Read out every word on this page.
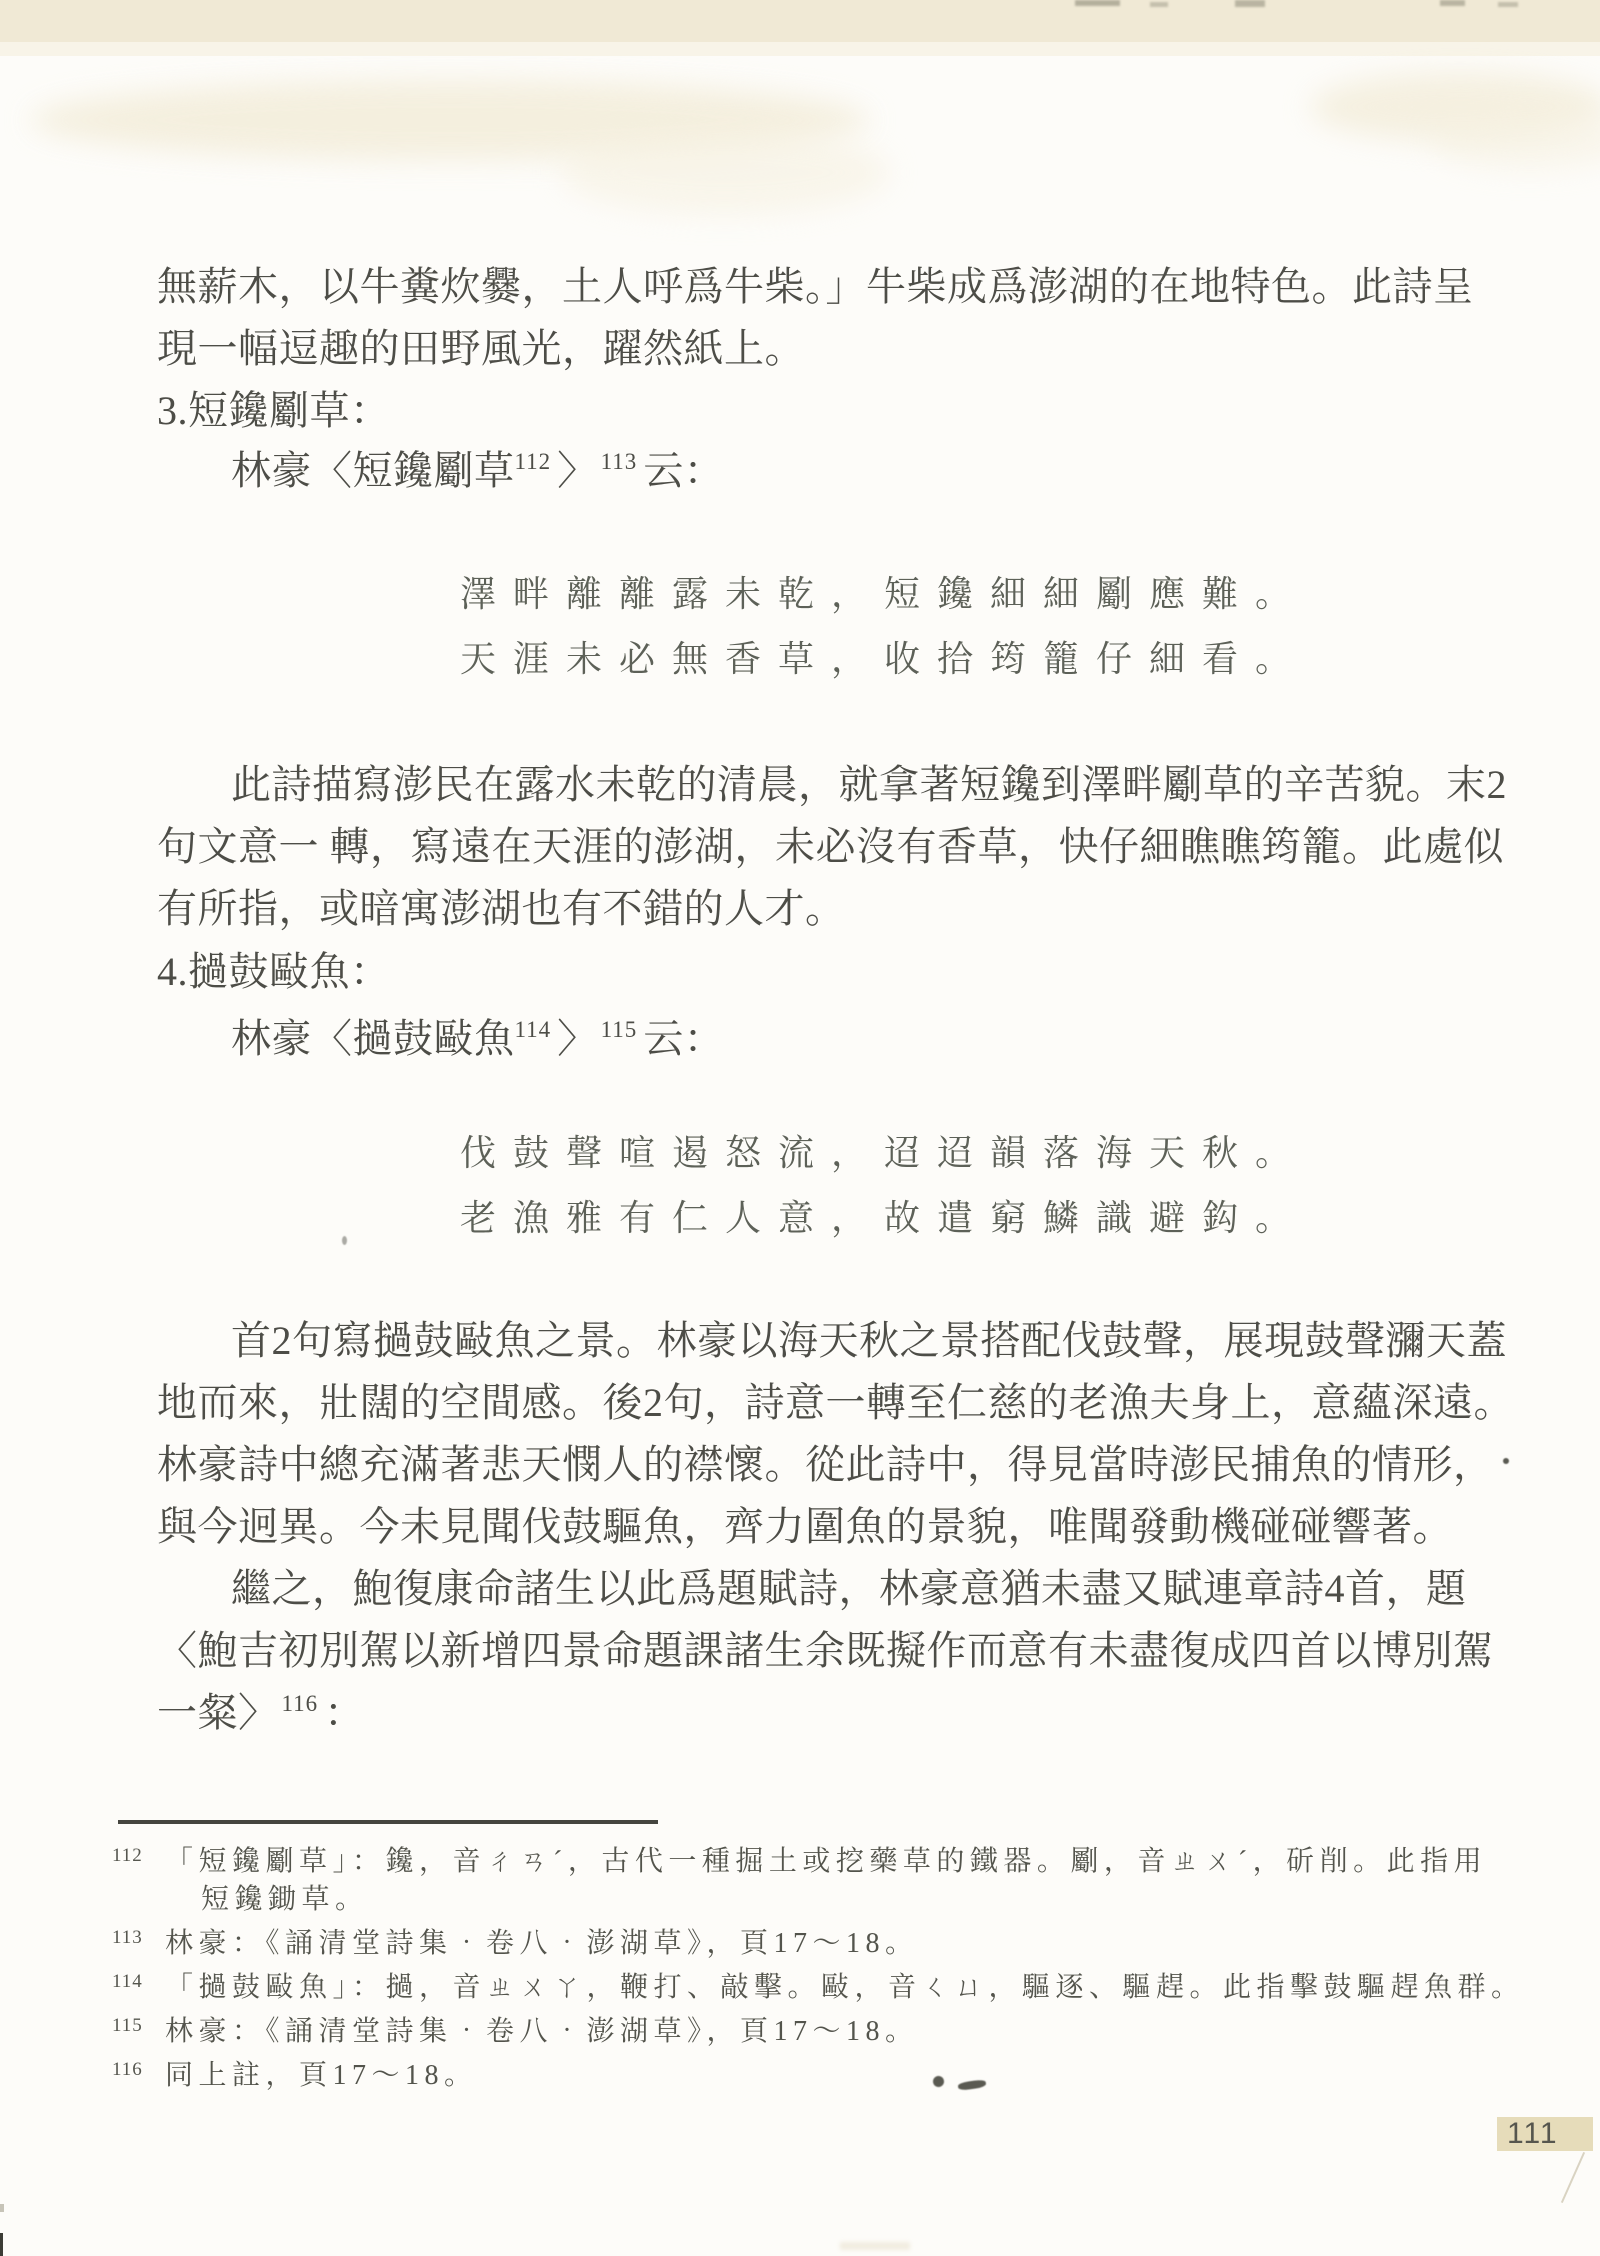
無薪木，以牛糞炊爨，土人呼爲牛柴。」牛柴成爲澎湖的在地特色。此詩呈
現一幅逗趣的田野風光，躍然紙上。
3.短鑱劚草：
林豪〈短鑱劚草$^{112}$ 〉 $^{113}$ 云：
澤畔離離露未乾，短鑱細細劚應難。
天涯未必無香草，收拾筠籠仔細看。
此詩描寫澎民在露水未乾的清晨，就拿著短鑱到澤畔劚草的辛苦貌。末2
句文意一 轉，寫遠在天涯的澎湖，未必沒有香草，快仔細瞧瞧筠籠。此處似
有所指，或暗寓澎湖也有不錯的人才。
4.撾鼓敺魚：
林豪〈撾鼓敺魚$^{114}$ 〉 $^{115}$ 云：
伐鼓聲喧遏怒流，迢迢韻落海天秋。
老漁雅有仁人意，故遣窮鱗識避鈎。
首2句寫撾鼓敺魚之景。林豪以海天秋之景搭配伐鼓聲，展現鼓聲瀰天蓋
地而來，壯闊的空間感。後2句，詩意一轉至仁慈的老漁夫身上，意蘊深遠。
林豪詩中總充滿著悲天憫人的襟懷。從此詩中，得見當時澎民捕魚的情形，
與今迥異。今未見聞伐鼓驅魚，齊力圍魚的景貌，唯聞發動機碰碰響著。
繼之，鮑復康命諸生以此爲題賦詩，林豪意猶未盡又賦連章詩4首，題
〈鮑吉初別駕以新增四景命題課諸生余既擬作而意有未盡復成四首以博別駕
一粲〉 $^{116}$ ：
112 「短鑱劚草」：鑱，音ㄔㄢˊ，古代一種掘土或挖藥草的鐵器。劚，音ㄓㄨˊ，斫削。此指用
短鑱鋤草。
113 林豪：《誦清堂詩集‧卷八‧澎湖草》，頁17～18。
114 「撾鼓敺魚」：撾，音ㄓㄨㄚ，鞭打、敲擊。敺，音ㄑㄩ，驅逐、驅趕。此指擊鼓驅趕魚群。
115 林豪：《誦清堂詩集‧卷八‧澎湖草》，頁17～18。
116 同上註，頁17～18。
111
